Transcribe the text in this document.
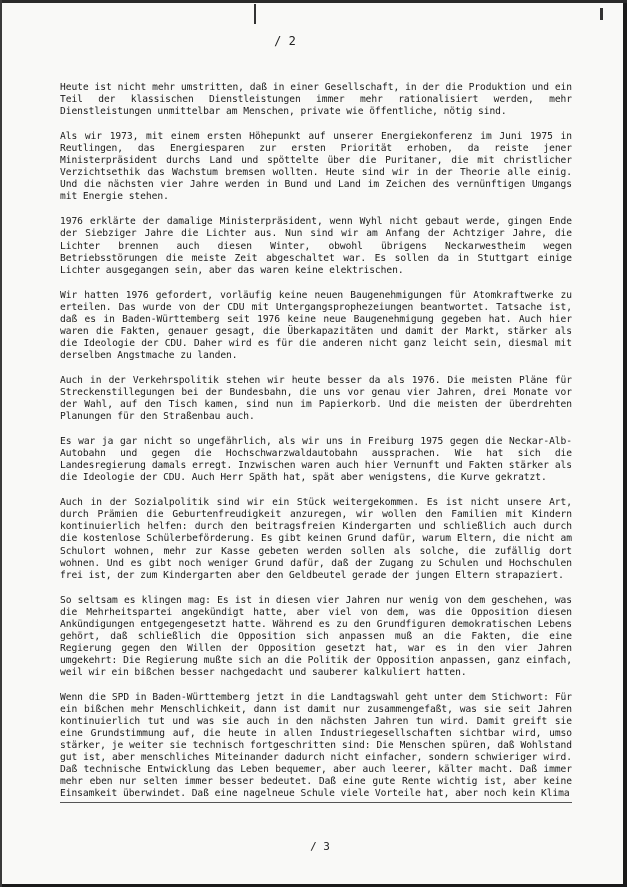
/ 2

Heute ist nicht mehr umstritten, daß in einer Gesellschaft, in der die Produktion und ein Teil der klassischen Dienstleistungen immer mehr rationalisiert werden, mehr Dienstleistungen unmittelbar am Menschen, private wie öffentliche, nötig sind.

Als wir 1973, mit einem ersten Höhepunkt auf unserer Energiekonferenz im Juni 1975 in Reutlingen, das Energiesparen zur ersten Priorität erhoben, da reiste jener Ministerpräsident durchs Land und spöttelte über die Puritaner, die mit christlicher Verzichtsethik das Wachstum bremsen wollten. Heute sind wir in der Theorie alle einig. Und die nächsten vier Jahre werden in Bund und Land im Zeichen des vernünftigen Umgangs mit Energie stehen.

1976 erklärte der damalige Ministerpräsident, wenn Wyhl nicht gebaut werde, gingen Ende der Siebziger Jahre die Lichter aus. Nun sind wir am Anfang der Achtziger Jahre, die Lichter brennen auch diesen Winter, obwohl übrigens Neckarwestheim wegen Betriebsstörungen die meiste Zeit abgeschaltet war. Es sollen da in Stuttgart einige Lichter ausgegangen sein, aber das waren keine elektrischen.

Wir hatten 1976 gefordert, vorläufig keine neuen Baugenehmigungen für Atomkraftwerke zu erteilen. Das wurde von der CDU mit Untergangsprophezeiungen beantwortet. Tatsache ist, daß es in Baden-Württemberg seit 1976 keine neue Baugenehmigung gegeben hat. Auch hier waren die Fakten, genauer gesagt, die Überkapazitäten und damit der Markt, stärker als die Ideologie der CDU. Daher wird es für die anderen nicht ganz leicht sein, diesmal mit derselben Angstmache zu landen.

Auch in der Verkehrspolitik stehen wir heute besser da als 1976. Die meisten Pläne für Streckenstillegungen bei der Bundesbahn, die uns vor genau vier Jahren, drei Monate vor der Wahl, auf den Tisch kamen, sind nun im Papierkorb. Und die meisten der überdrehten Planungen für den Straßenbau auch.

Es war ja gar nicht so ungefährlich, als wir uns in Freiburg 1975 gegen die Neckar-Alb-Autobahn und gegen die Hochschwarzwaldautobahn aussprachen. Wie hat sich die Landesregierung damals erregt. Inzwischen waren auch hier Vernunft und Fakten stärker als die Ideologie der CDU. Auch Herr Späth hat, spät aber wenigstens, die Kurve gekratzt.

Auch in der Sozialpolitik sind wir ein Stück weitergekommen. Es ist nicht unsere Art, durch Prämien die Geburtenfreudigkeit anzuregen, wir wollen den Familien mit Kindern kontinuierlich helfen: durch den beitragsfreien Kindergarten und schließlich auch durch die kostenlose Schülerbeförderung. Es gibt keinen Grund dafür, warum Eltern, die nicht am Schulort wohnen, mehr zur Kasse gebeten werden sollen als solche, die zufällig dort wohnen. Und es gibt noch weniger Grund dafür, daß der Zugang zu Schulen und Hochschulen frei ist, der zum Kindergarten aber den Geldbeutel gerade der jungen Eltern strapaziert.

So seltsam es klingen mag: Es ist in diesen vier Jahren nur wenig von dem geschehen, was die Mehrheitspartei angekündigt hatte, aber viel von dem, was die Opposition diesen Ankündigungen entgegengesetzt hatte. Während es zu den Grundfiguren demokratischen Lebens gehört, daß schließlich die Opposition sich anpassen muß an die Fakten, die eine Regierung gegen den Willen der Opposition gesetzt hat, war es in den vier Jahren umgekehrt: Die Regierung mußte sich an die Politik der Opposition anpassen, ganz einfach, weil wir ein bißchen besser nachgedacht und sauberer kalkuliert hatten.

Wenn die SPD in Baden-Württemberg jetzt in die Landtagswahl geht unter dem Stichwort: Für ein bißchen mehr Menschlichkeit, dann ist damit nur zusammengefaßt, was sie seit Jahren kontinuierlich tut und was sie auch in den nächsten Jahren tun wird. Damit greift sie eine Grundstimmung auf, die heute in allen Industriegesellschaften sichtbar wird, umso stärker, je weiter sie technisch fortgeschritten sind: Die Menschen spüren, daß Wohlstand gut ist, aber menschliches Miteinander dadurch nicht einfacher, sondern schwieriger wird. Daß technische Entwicklung das Leben bequemer, aber auch leerer, kälter macht. Daß immer mehr eben nur selten immer besser bedeutet. Daß eine gute Rente wichtig ist, aber keine Einsamkeit überwindet. Daß eine nagelneue Schule viele Vorteile hat, aber noch kein Klima

/ 3
